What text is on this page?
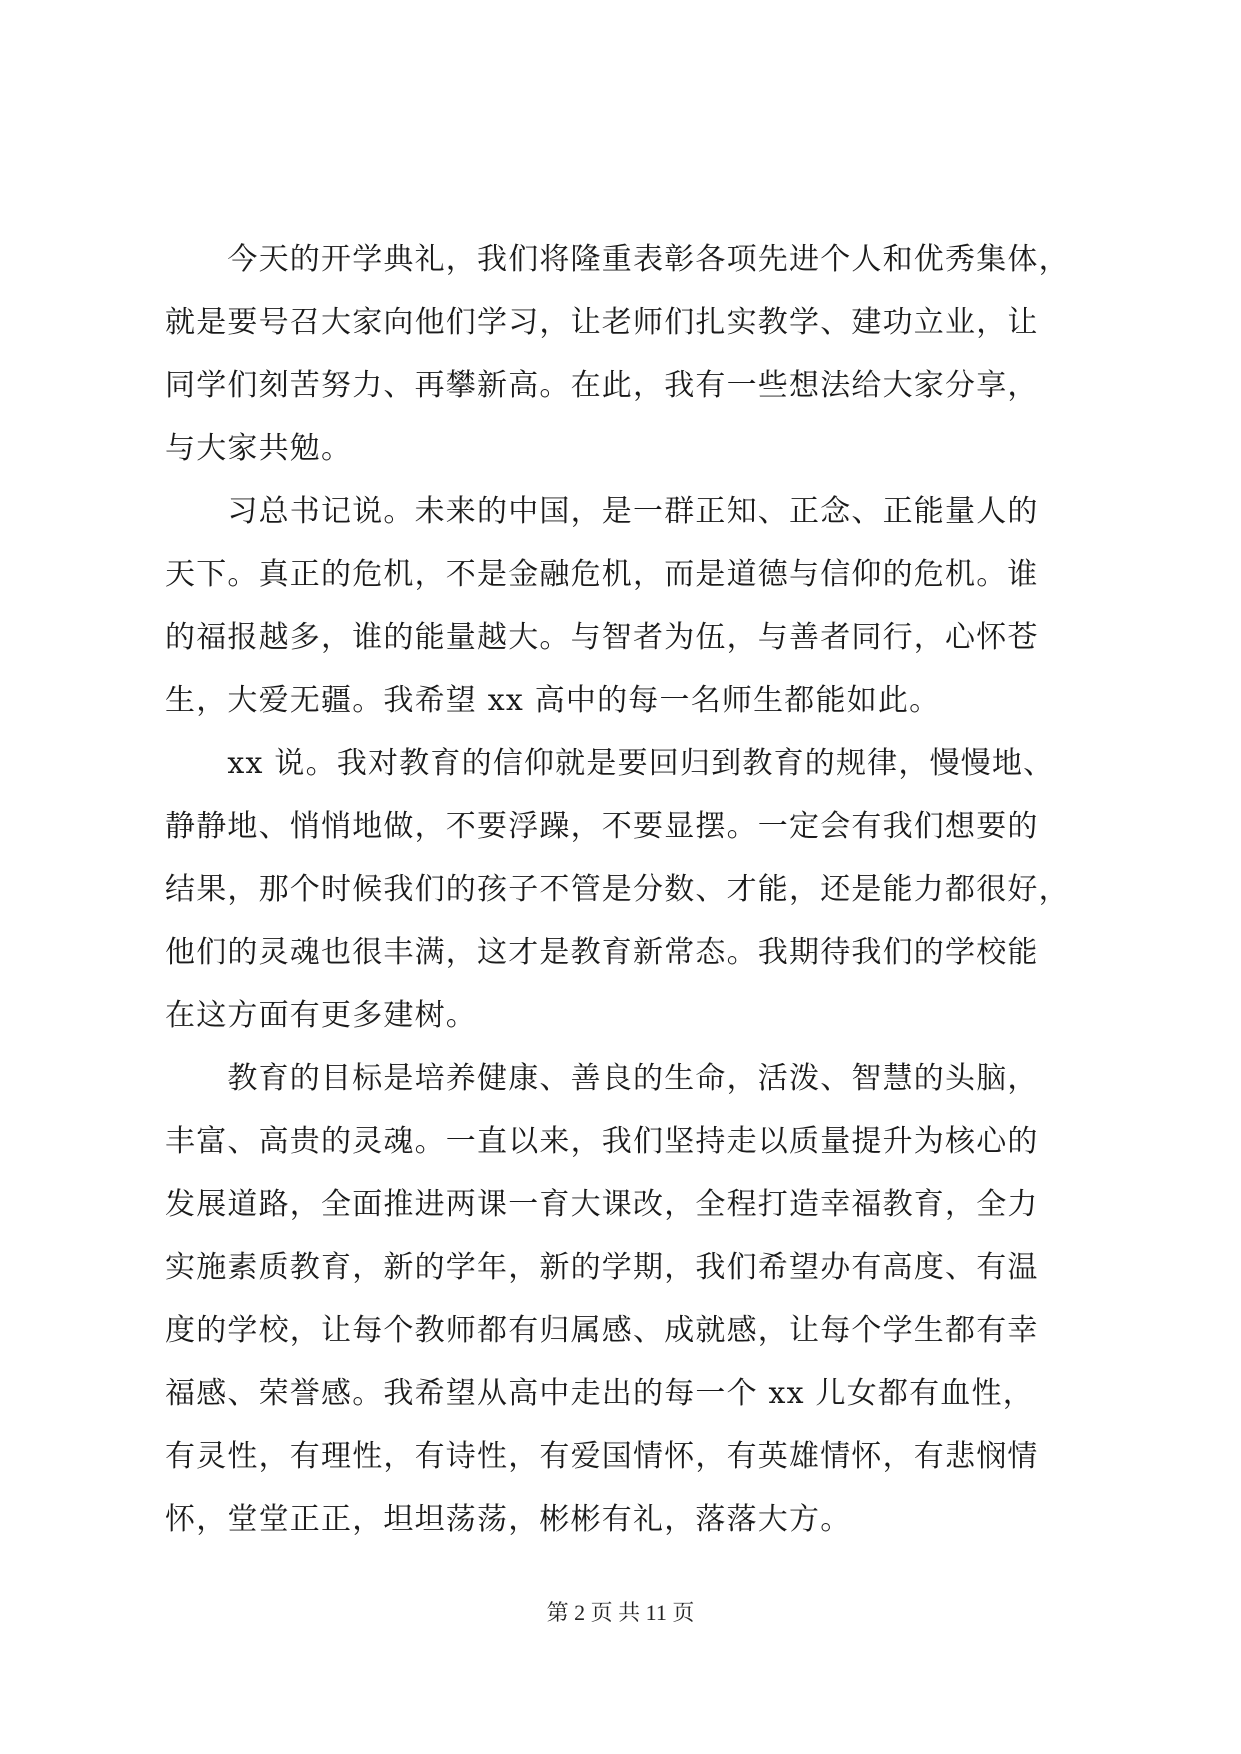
　　今天的开学典礼，我们将隆重表彰各项先进个人和优秀集体，
就是要号召大家向他们学习，让老师们扎实教学、建功立业，让
同学们刻苦努力、再攀新高。在此，我有一些想法给大家分享，
与大家共勉。
　　习总书记说。未来的中国，是一群正知、正念、正能量人的
天下。真正的危机，不是金融危机，而是道德与信仰的危机。谁
的福报越多，谁的能量越大。与智者为伍，与善者同行，心怀苍
生，大爱无疆。我希望 xx 高中的每一名师生都能如此。
　　xx 说。我对教育的信仰就是要回归到教育的规律，慢慢地、
静静地、悄悄地做，不要浮躁，不要显摆。一定会有我们想要的
结果，那个时候我们的孩子不管是分数、才能，还是能力都很好，
他们的灵魂也很丰满，这才是教育新常态。我期待我们的学校能
在这方面有更多建树。
　　教育的目标是培养健康、善良的生命，活泼、智慧的头脑，
丰富、高贵的灵魂。一直以来，我们坚持走以质量提升为核心的
发展道路，全面推进两课一育大课改，全程打造幸福教育，全力
实施素质教育，新的学年，新的学期，我们希望办有高度、有温
度的学校，让每个教师都有归属感、成就感，让每个学生都有幸
福感、荣誉感。我希望从高中走出的每一个 xx 儿女都有血性，
有灵性，有理性，有诗性，有爱国情怀，有英雄情怀，有悲悯情
怀，堂堂正正，坦坦荡荡，彬彬有礼，落落大方。
第 2 页 共 11 页
